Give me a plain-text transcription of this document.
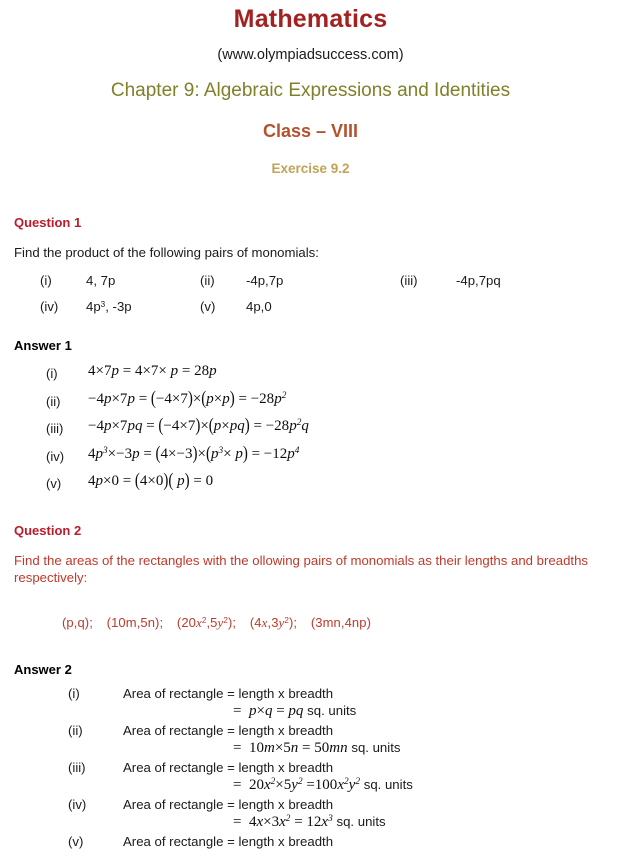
Mathematics
(www.olympiadsuccess.com)
Chapter 9: Algebraic Expressions and Identities
Class – VIII
Exercise 9.2
Question 1
Find the product of the following pairs of monomials:
(i)	4, 7p	(ii) -4p,7p	(iii)	-4p,7pq
(iv) $4p^3$, -3p	(v) 4p,0
Answer 1
(i) 4×7p = 4×7× p = 28p
$(ii) -4p\times 7p = (-4\times 7)\times(p\times p) = -28p^2$
$(iii) -4p\times 7pq = (-4\times 7)\times(p\times pq) = -28p^2q$
(iv) $4p^3\times-3p = (4\times-3)\times(p^3\times p) = -12p^4$
(v) 4p×0 = (4×0)( p) = 0
Question 2
Find the areas of the rectangles with the ollowing pairs of monomials as their lengths and breadths respectively:
(p,q); (10m,5n); $(20x^2,5y^2)$; $(4x,3y^2)$; (3mn,4np)
Answer 2
(i)	Area of rectangle = length x breadth
=  p×q = pq sq. units
(ii)	Area of rectangle = length x breadth
=  10m×5n = 50mn sq. units
(iii)	Area of rectangle = length x breadth
=  $20x^2\times 5y^2 =100x^2y^2$ sq. units
(iv)	Area of rectangle = length x breadth
=  $4x\times 3x^2 = 12x^3$ sq. units
(v)	Area of rectangle = length x breadth
